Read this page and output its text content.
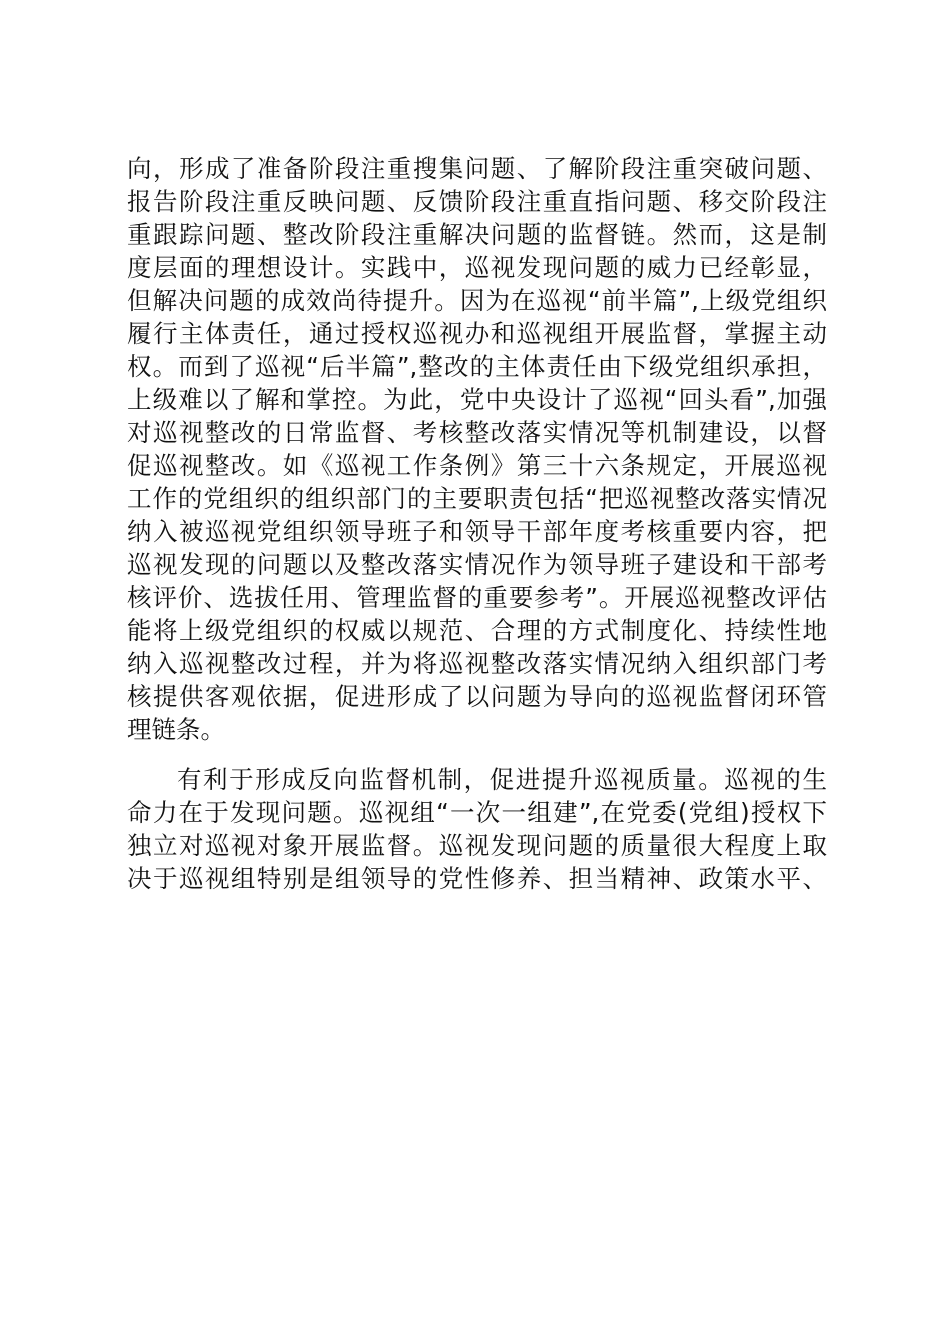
向，形成了准备阶段注重搜集问题、了解阶段注重突破问题、
报告阶段注重反映问题、反馈阶段注重直指问题、移交阶段注
重跟踪问题、整改阶段注重解决问题的监督链。然而，这是制
度层面的理想设计。实践中，巡视发现问题的威力已经彰显，
但解决问题的成效尚待提升。因为在巡视“前半篇”,上级党组织
履行主体责任，通过授权巡视办和巡视组开展监督，掌握主动
权。而到了巡视“后半篇”,整改的主体责任由下级党组织承担，
上级难以了解和掌控。为此，党中央设计了巡视“回头看”,加强
对巡视整改的日常监督、考核整改落实情况等机制建设，以督
促巡视整改。如《巡视工作条例》第三十六条规定，开展巡视
工作的党组织的组织部门的主要职责包括“把巡视整改落实情况
纳入被巡视党组织领导班子和领导干部年度考核重要内容，把
巡视发现的问题以及整改落实情况作为领导班子建设和干部考
核评价、选拔任用、管理监督的重要参考”。开展巡视整改评估
能将上级党组织的权威以规范、合理的方式制度化、持续性地
纳入巡视整改过程，并为将巡视整改落实情况纳入组织部门考
核提供客观依据，促进形成了以问题为导向的巡视监督闭环管
理链条。
有利于形成反向监督机制，促进提升巡视质量。巡视的生
命力在于发现问题。巡视组“一次一组建”,在党委(党组)授权下
独立对巡视对象开展监督。巡视发现问题的质量很大程度上取
决于巡视组特别是组领导的党性修养、担当精神、政策水平、
